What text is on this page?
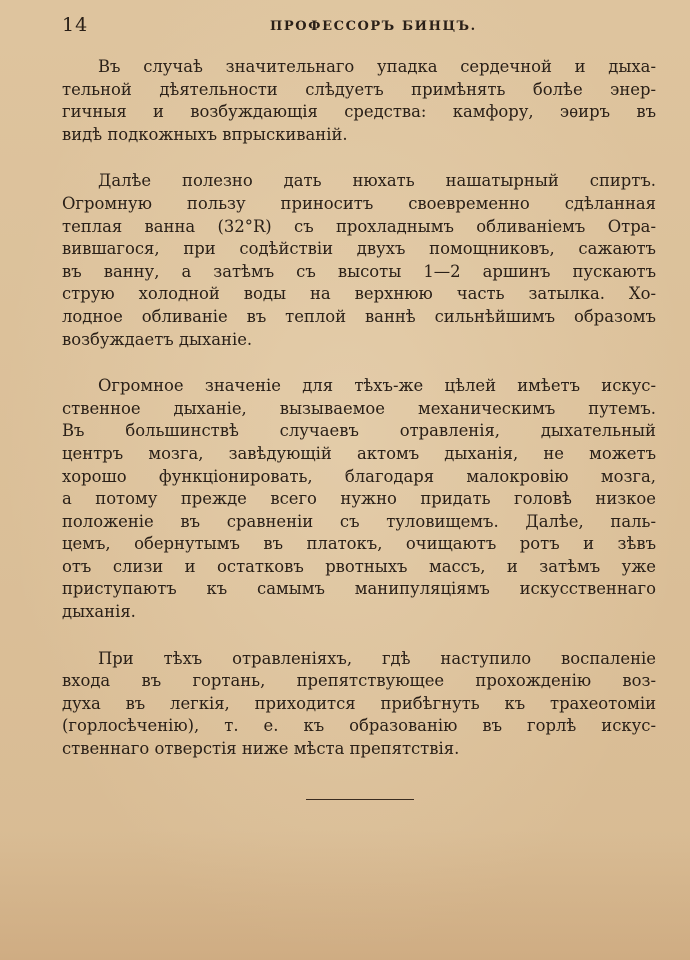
14	ПРОФЕССОРЪ БИНЦЪ.

Въ случаѣ значительнаго упадка сердечной и дыха-
тельной дѣятельности слѣдуетъ примѣнять болѣе энер-
гичныя и возбуждающія средства: камфору, эѳиръ въ
видѣ подкожныхъ впрыскиваній.

Далѣе полезно дать нюхать нашатырный спиртъ.
Огромную пользу приноситъ своевременно сдѣланная
теплая ванна (32°R) съ прохладнымъ обливаніемъ Отра-
вившагося, при содѣйствіи двухъ помощниковъ, сажаютъ
въ ванну, а затѣмъ съ высоты 1—2 аршинъ пускаютъ
струю холодной воды на верхнюю часть затылка. Хо-
лодное обливаніе въ теплой ваннѣ сильнѣйшимъ образомъ
возбуждаетъ дыханіе.

Огромное значеніе для тѣхъ-же цѣлей имѣетъ искус-
ственное дыханіе, вызываемое механическимъ путемъ.
Въ большинствѣ случаевъ отравленія, дыхательный
центръ мозга, завѣдующій актомъ дыханія, не можетъ
хорошо функціонировать, благодаря малокровію мозга,
а потому прежде всего нужно придать головѣ низкое
положеніе въ сравненіи съ туловищемъ. Далѣе, паль-
цемъ, обернутымъ въ платокъ, очищаютъ ротъ и зѣвъ
отъ слизи и остатковъ рвотныхъ массъ, и затѣмъ уже
приступаютъ къ самымъ манипуляціямъ искусственнаго
дыханія.

При тѣхъ отравленіяхъ, гдѣ наступило воспаленіе
входа въ гортань, препятствующее прохожденію воз-
духа въ легкія, приходится прибѣгнуть къ трахеотоміи
(горлосѣченію), т. е. къ образованію въ горлѣ искус-
ственнаго отверстія ниже мѣста препятствія.
